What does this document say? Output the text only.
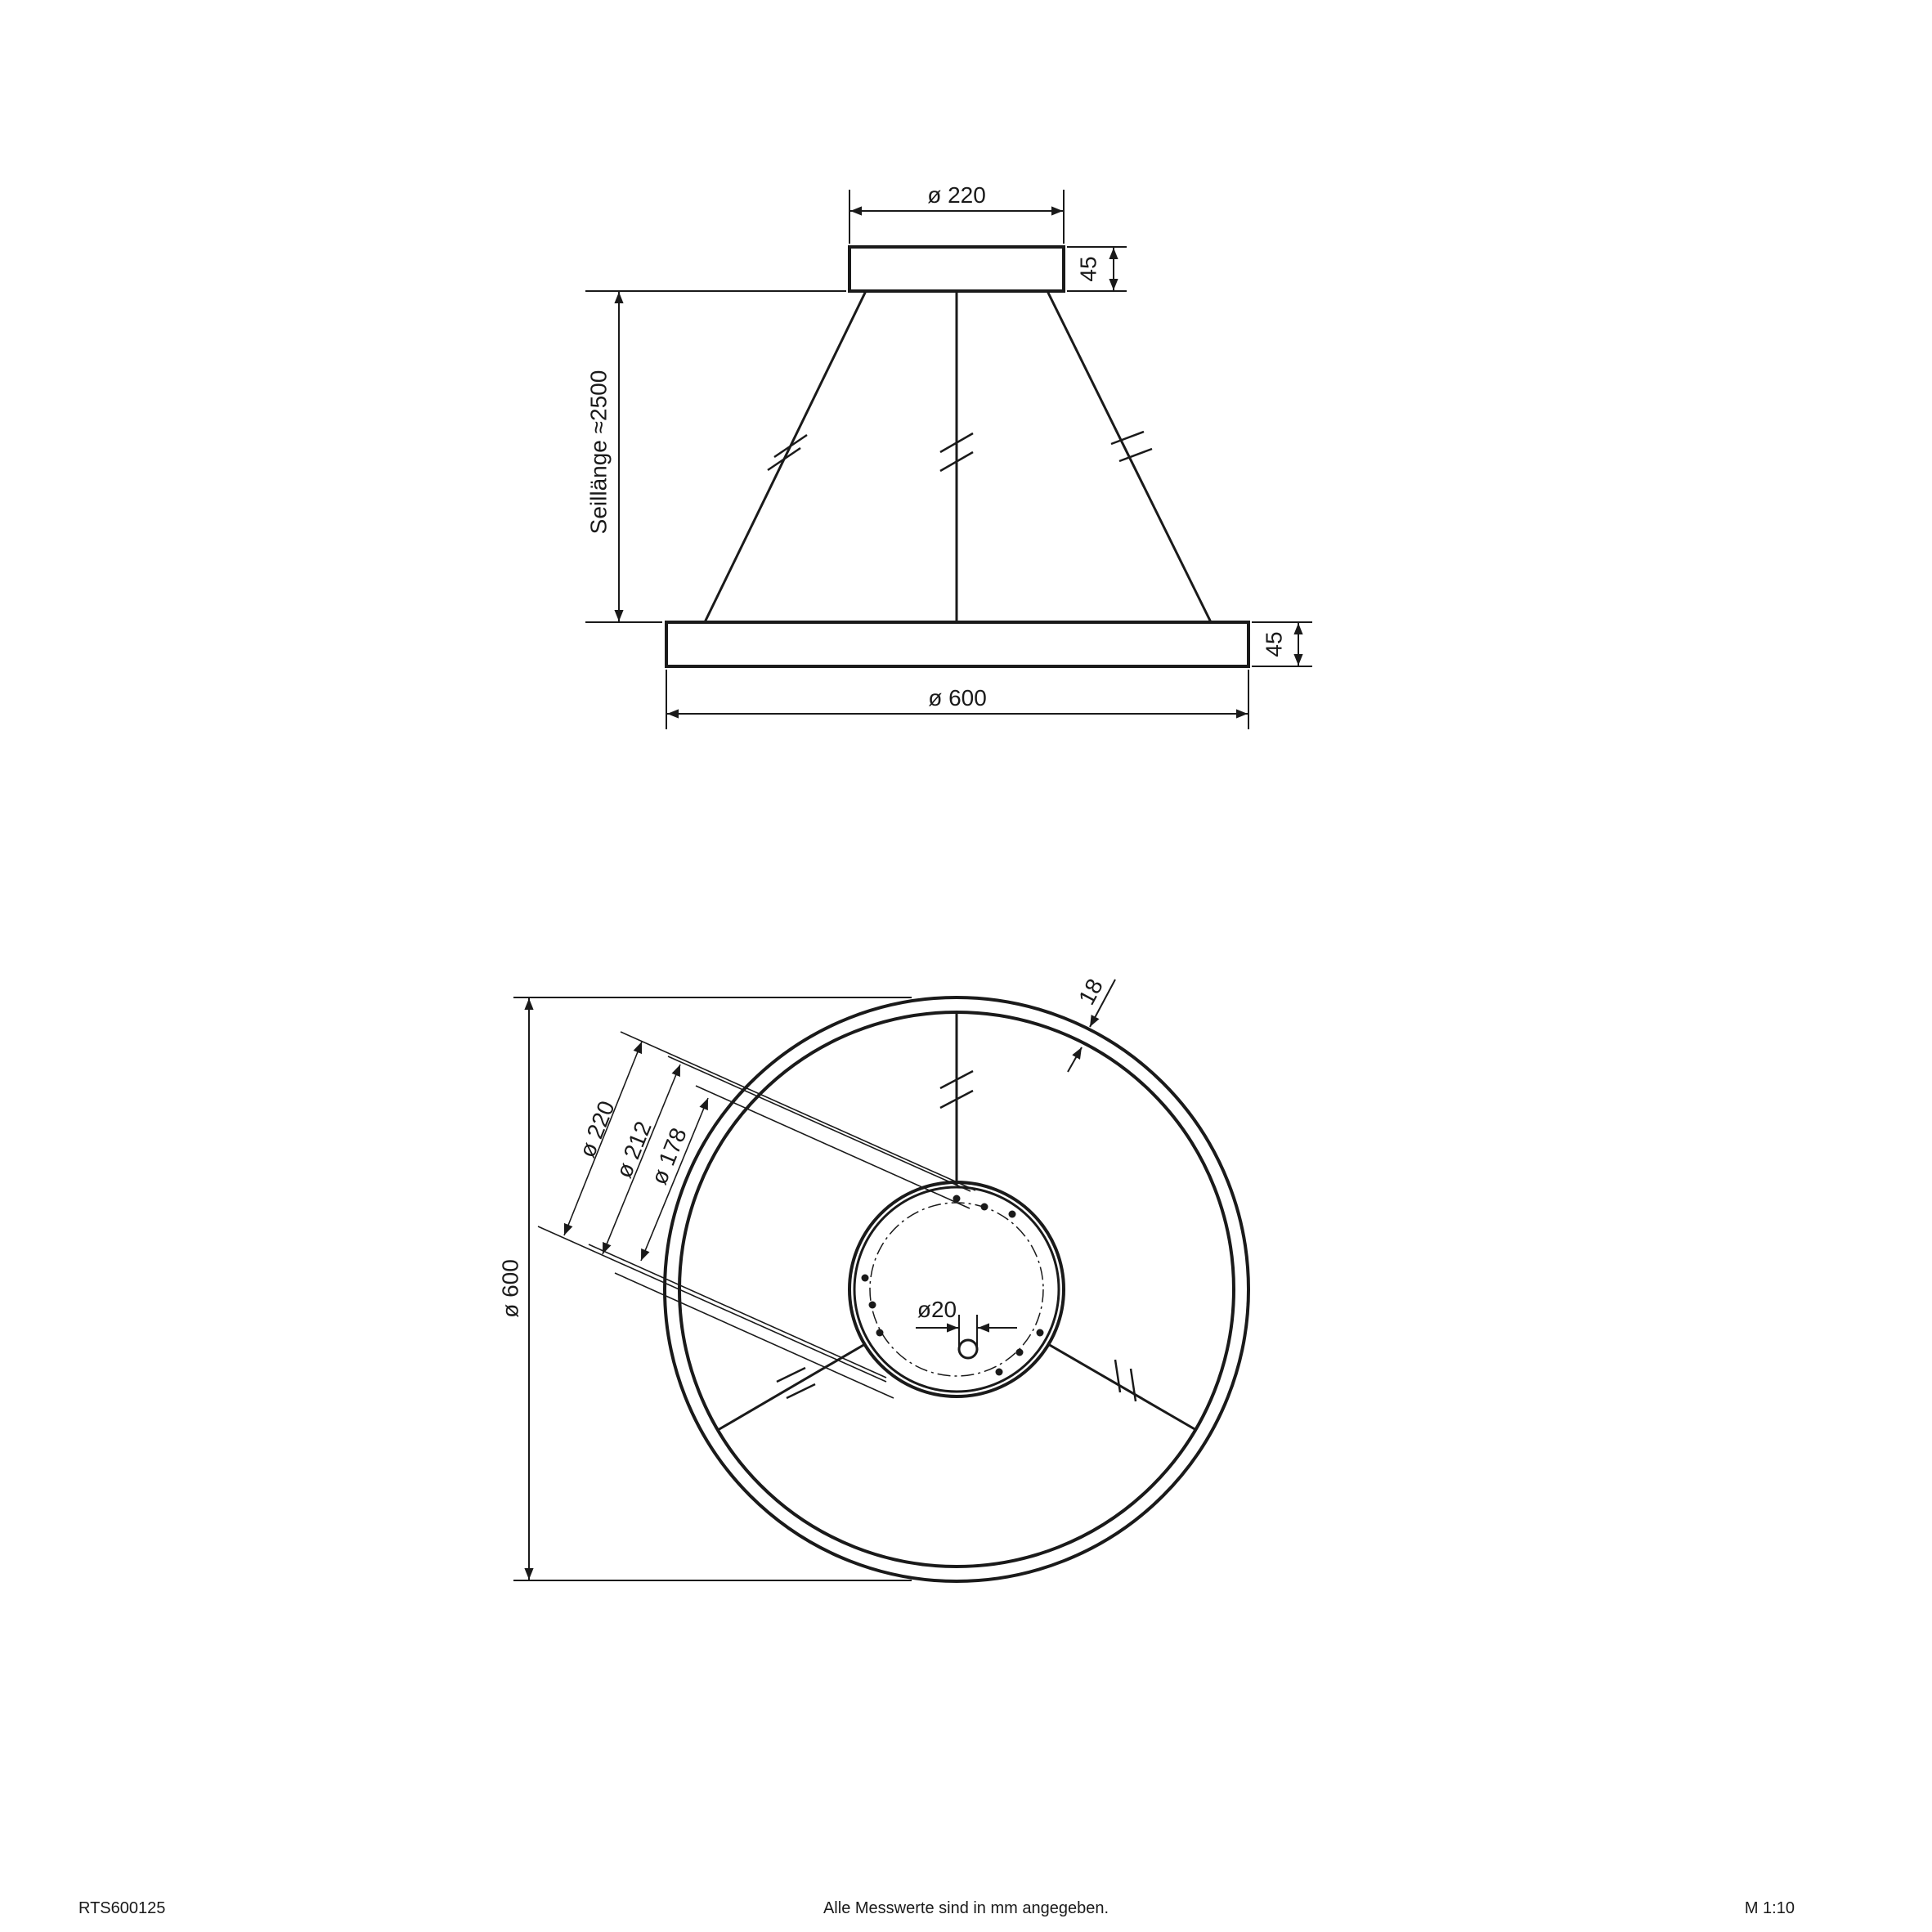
ø 220
45
Seillänge ≈2500
45
ø 600
ø 600	ø20
18
ø 220
ø 212
ø 178
RTS600125	Alle Messwerte sind in mm angegeben.	M 1:10
